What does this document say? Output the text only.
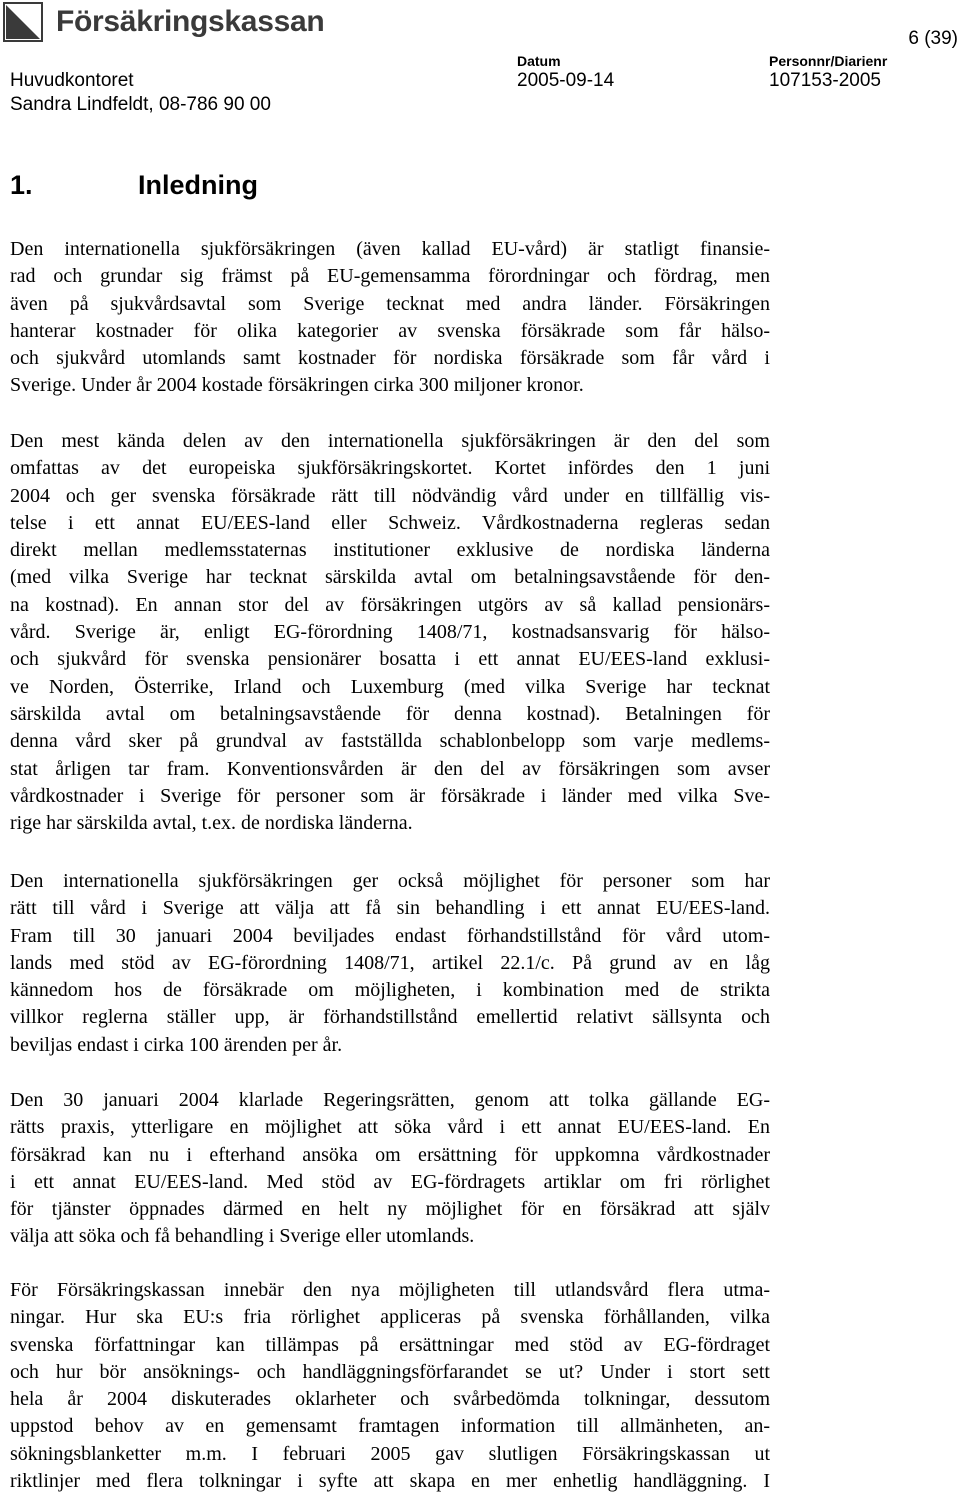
Försäkringskassan
6 (39)
Huvudkontoret
Sandra Lindfeldt, 08-786 90 00
Datum
2005-09-14
Personnr/Diarienr
107153-2005
1.	Inledning
Den internationella sjukförsäkringen (även kallad EU-vård) är statligt finansie-
rad och grundar sig främst på EU-gemensamma förordningar och fördrag, men
även på sjukvårdsavtal som Sverige tecknat med andra länder. Försäkringen
hanterar kostnader för olika kategorier av svenska försäkrade som får hälso-
och sjukvård utomlands samt kostnader för nordiska försäkrade som får vård i
Sverige. Under år 2004 kostade försäkringen cirka 300 miljoner kronor.
Den mest kända delen av den internationella sjukförsäkringen är den del som
omfattas av det europeiska sjukförsäkringskortet. Kortet infördes den 1 juni
2004 och ger svenska försäkrade rätt till nödvändig vård under en tillfällig vis-
telse i ett annat EU/EES-land eller Schweiz. Vårdkostnaderna regleras sedan
direkt mellan medlemsstaternas institutioner exklusive de nordiska länderna
(med vilka Sverige har tecknat särskilda avtal om betalningsavstående för den-
na kostnad). En annan stor del av försäkringen utgörs av så kallad pensionärs-
vård. Sverige är, enligt EG-förordning 1408/71, kostnadsansvarig för hälso-
och sjukvård för svenska pensionärer bosatta i ett annat EU/EES-land exklusi-
ve Norden, Österrike, Irland och Luxemburg (med vilka Sverige har tecknat
särskilda avtal om betalningsavstående för denna kostnad). Betalningen för
denna vård sker på grundval av fastställda schablonbelopp som varje medlems-
stat årligen tar fram. Konventionsvården är den del av försäkringen som avser
vårdkostnader i Sverige för personer som är försäkrade i länder med vilka Sve-
rige har särskilda avtal, t.ex. de nordiska länderna.
Den internationella sjukförsäkringen ger också möjlighet för personer som har
rätt till vård i Sverige att välja att få sin behandling i ett annat EU/EES-land.
Fram till 30 januari 2004 beviljades endast förhandstillstånd för vård utom-
lands med stöd av EG-förordning 1408/71, artikel 22.1/c. På grund av en låg
kännedom hos de försäkrade om möjligheten, i kombination med de strikta
villkor reglerna ställer upp, är förhandstillstånd emellertid relativt sällsynta och
beviljas endast i cirka 100 ärenden per år.
Den 30 januari 2004 klarlade Regeringsrätten, genom att tolka gällande EG-
rätts praxis, ytterligare en möjlighet att söka vård i ett annat EU/EES-land. En
försäkrad kan nu i efterhand ansöka om ersättning för uppkomna vårdkostnader
i ett annat EU/EES-land. Med stöd av EG-fördragets artiklar om fri rörlighet
för tjänster öppnades därmed en helt ny möjlighet för en försäkrad att själv
välja att söka och få behandling i Sverige eller utomlands.
För Försäkringskassan innebär den nya möjligheten till utlandsvård flera utma-
ningar. Hur ska EU:s fria rörlighet appliceras på svenska förhållanden, vilka
svenska författningar kan tillämpas på ersättningar med stöd av EG-fördraget
och hur bör ansöknings- och handläggningsförfarandet se ut? Under i stort sett
hela år 2004 diskuterades oklarheter och svårbedömda tolkningar, dessutom
uppstod behov av en gemensamt framtagen information till allmänheten, an-
sökningsblanketter m.m. I februari 2005 gav slutligen Försäkringskassan ut
riktlinjer med flera tolkningar i syfte att skapa en mer enhetlig handläggning. I
